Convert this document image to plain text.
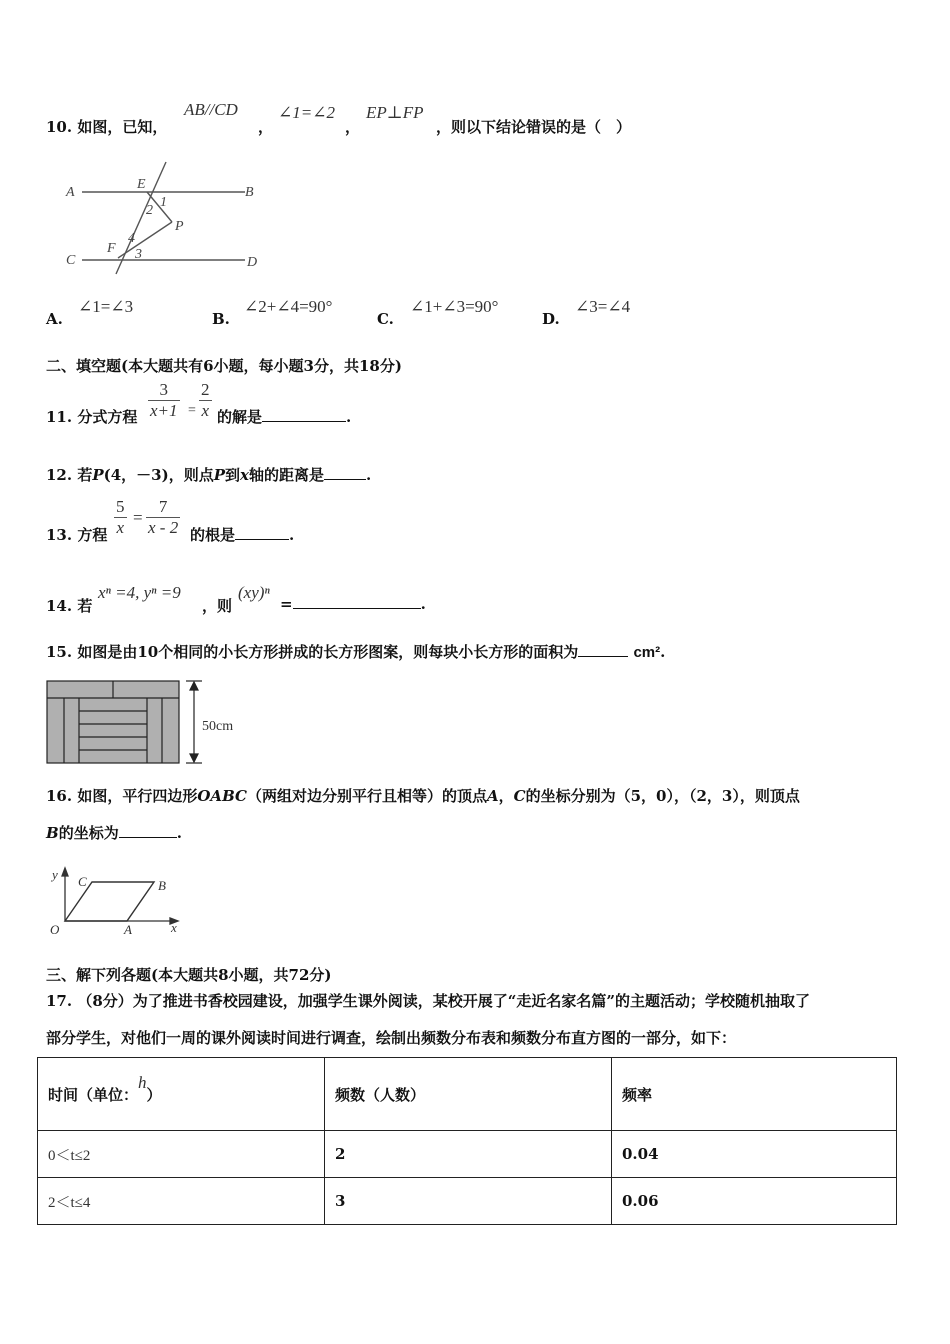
10. 如图，已知，
AB//CD
，
∠1=∠2
，
EP⊥FP
，则以下结论错误的是（　）
A
E
B
2
1
P
C
F
4
3
D
A.
∠1=∠3
B.
∠2+∠4=90°
C.
∠1+∠3=90°
D.
∠3=∠4
二、填空题(本大题共有6小题，每小题3分，共18分)
11. 分式方程 $\frac{3}{x+1} = \frac{2}{x}$ 的解是	.
12. 若P(4，－3)，则点P到x轴的距离是	.
13. 方程 $\frac{5}{x} = \frac{7}{x - 2}$ 的根是	.
14. 若
xⁿ =4, yⁿ =9
，则
(xy)ⁿ
=	.
15. 如图是由10个相同的小长方形拼成的长方形图案，则每块小长方形的面积为	cm².
50cm
16. 如图，平行四边形OABC（两组对边分别平行且相等）的顶点A，C的坐标分别为（5，0），（2，3），则顶点
B的坐标为	.
y C	B
O	A	x
三、解下列各题(本大题共8小题，共72分)
17. （8分）为了推进书香校园建设，加强学生课外阅读，某校开展了“走近名家名篇”的主题活动；学校随机抽取了
部分学生，对他们一周的课外阅读时间进行调查，绘制出频数分布表和频数分布直方图的一部分，如下：
时间（单位：h）	频数（人数）	频率
0＜t≤2	2	0.04
2＜t≤4	3	0.06
